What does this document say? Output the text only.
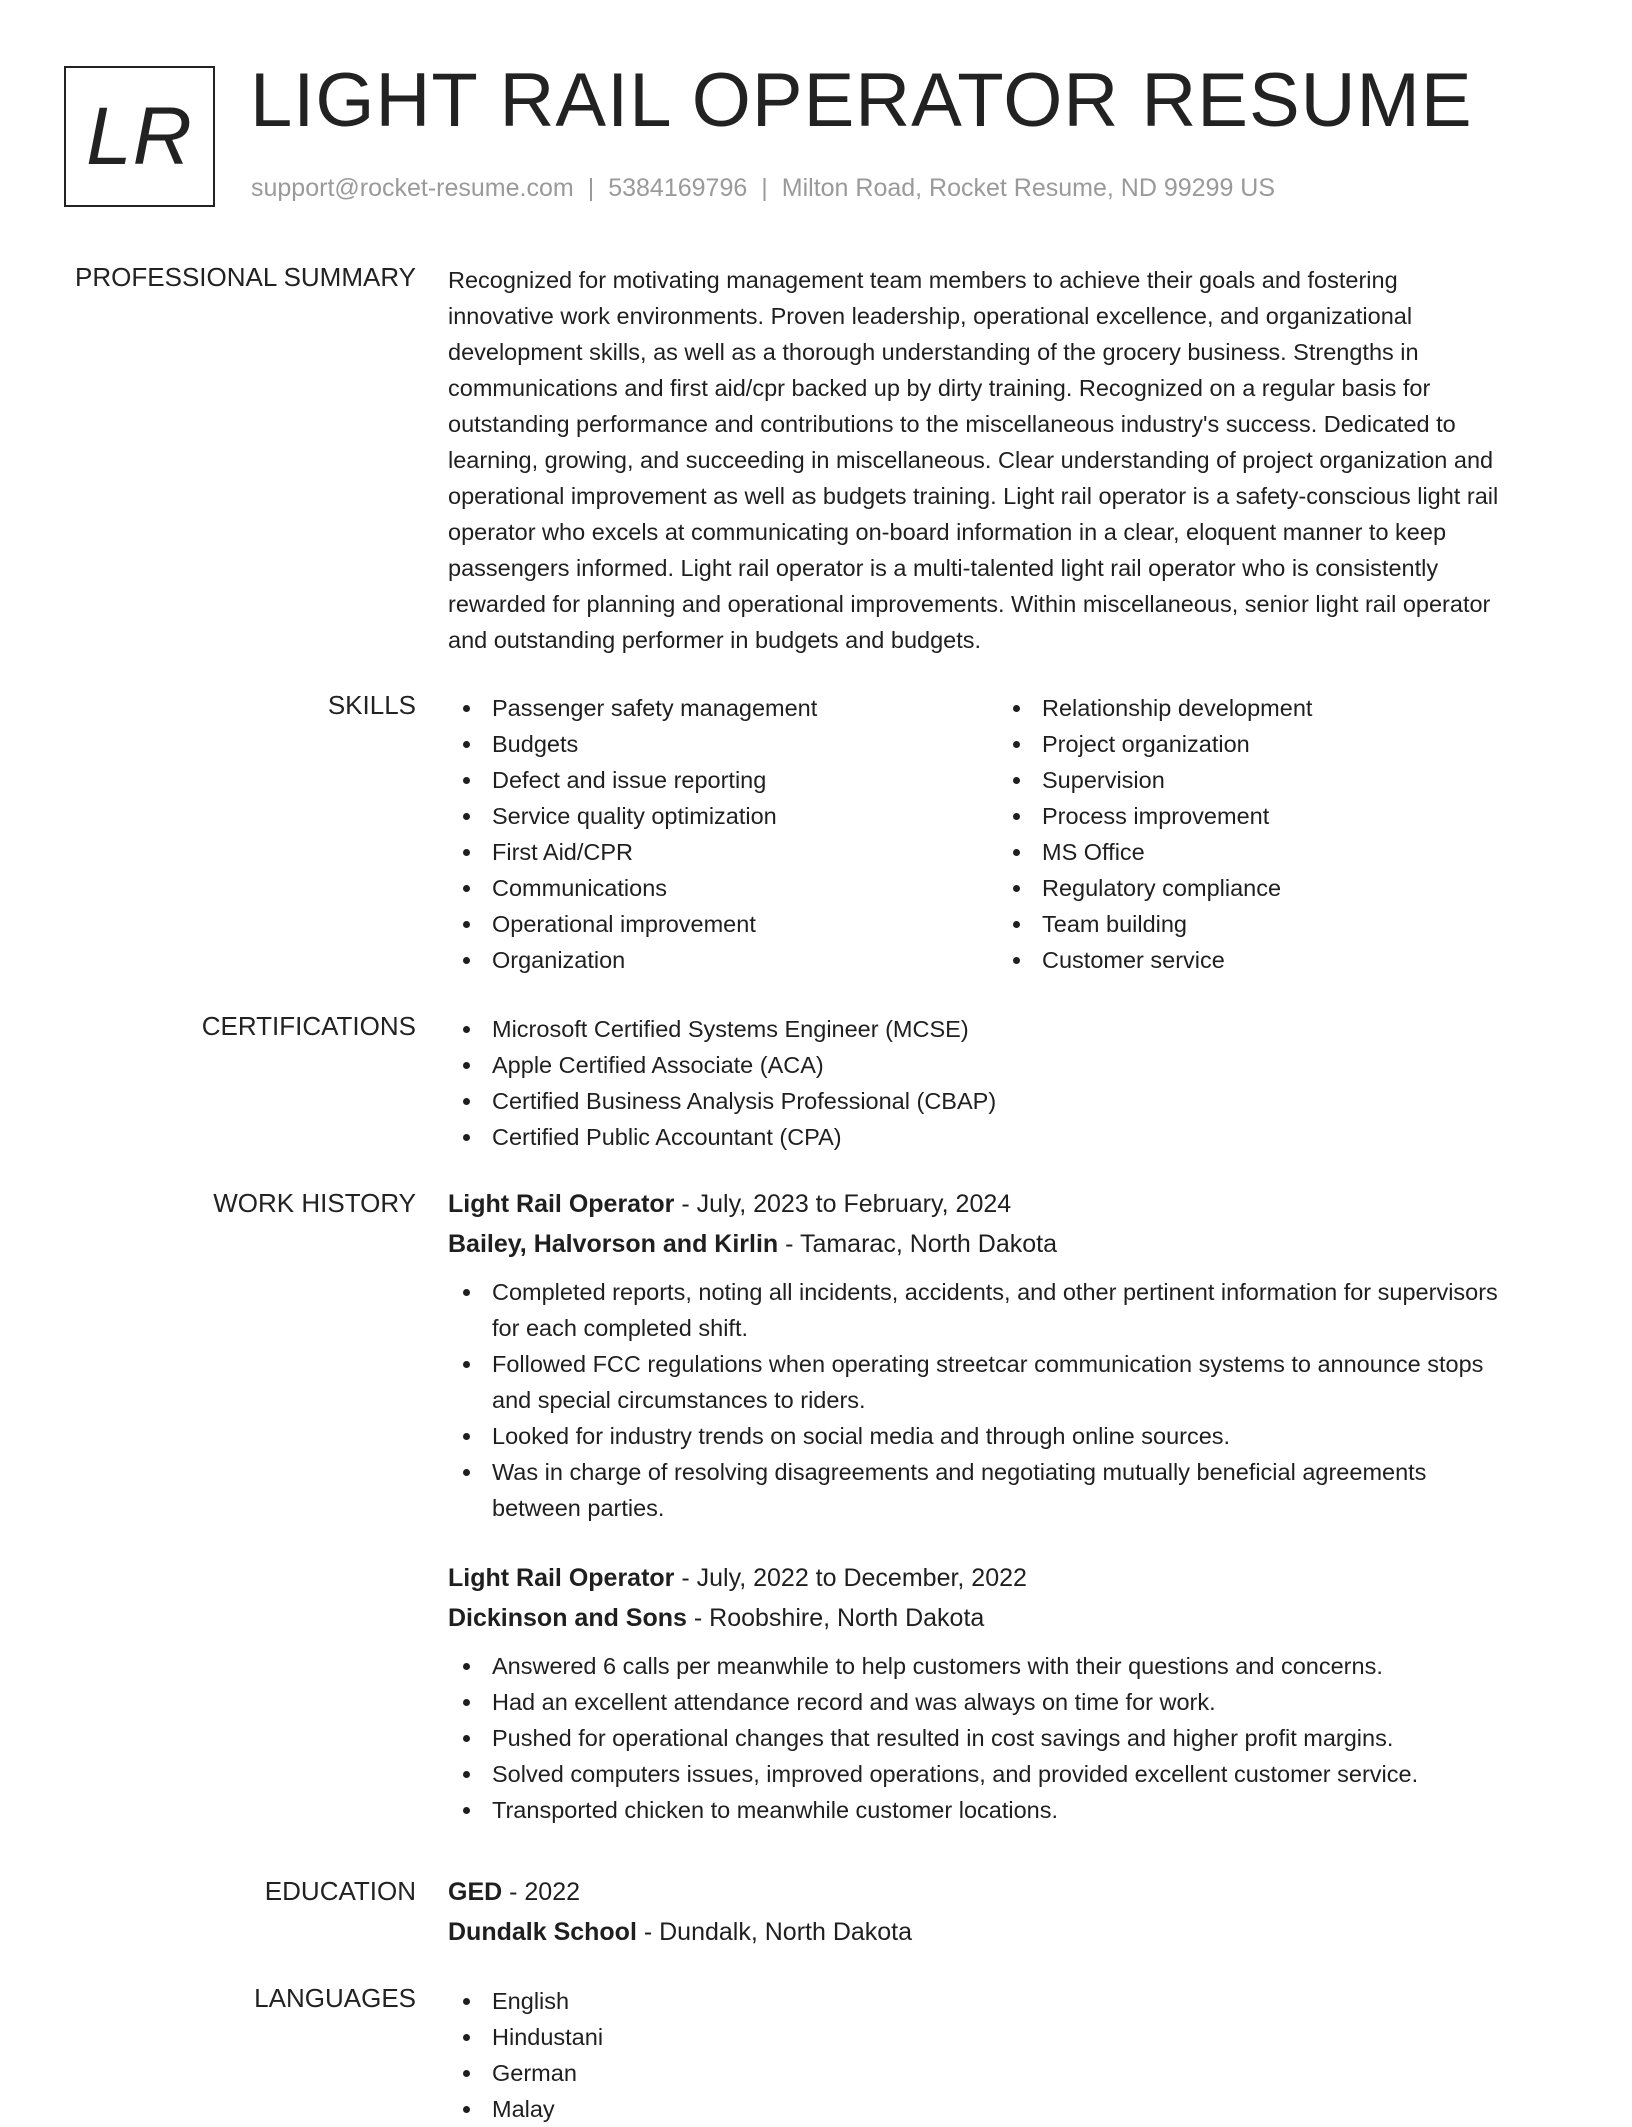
LR LIGHT RAIL OPERATOR RESUME
support@rocket-resume.com | 5384169796 | Milton Road, Rocket Resume, ND 99299 US
PROFESSIONAL SUMMARY Recognized for motivating management team members to achieve their goals and fostering
innovative work environments. Proven leadership, operational excellence, and organizational
development skills, as well as a thorough understanding of the grocery business. Strengths in
communications and first aid/cpr backed up by dirty training. Recognized on a regular basis for
outstanding performance and contributions to the miscellaneous industry's success. Dedicated to
learning, growing, and succeeding in miscellaneous. Clear understanding of project organization and
operational improvement as well as budgets training. Light rail operator is a safety-conscious light rail
operator who excels at communicating on-board information in a clear, eloquent manner to keep
passengers informed. Light rail operator is a multi-talented light rail operator who is consistently
rewarded for planning and operational improvements. Within miscellaneous, senior light rail operator
and outstanding performer in budgets and budgets.
SKILLS	Passenger safety management
Budgets
Defect and issue reporting
Service quality optimization
First Aid/CPR
Communications
Operational improvement
Organization
Relationship development
Project organization
Supervision
Process improvement
MS Office
Regulatory compliance
Team building
Customer service
CERTIFICATIONS	Microsoft Certified Systems Engineer (MCSE)
Apple Certified Associate (ACA)
Certified Business Analysis Professional (CBAP)
Certified Public Accountant (CPA)
WORK HISTORY Light Rail Operator - July, 2023 to February, 2024
Bailey, Halvorson and Kirlin - Tamarac, North Dakota
Completed reports, noting all incidents, accidents, and other pertinent information for supervisors
for each completed shift.
Followed FCC regulations when operating streetcar communication systems to announce stops
and special circumstances to riders.
Looked for industry trends on social media and through online sources.
Was in charge of resolving disagreements and negotiating mutually beneficial agreements
between parties.
Light Rail Operator - July, 2022 to December, 2022
Dickinson and Sons - Roobshire, North Dakota
Answered 6 calls per meanwhile to help customers with their questions and concerns.
Had an excellent attendance record and was always on time for work.
Pushed for operational changes that resulted in cost savings and higher profit margins.
Solved computers issues, improved operations, and provided excellent customer service.
Transported chicken to meanwhile customer locations.
EDUCATION GED - 2022
Dundalk School - Dundalk, North Dakota
LANGUAGES	English
Hindustani
German
Malay
